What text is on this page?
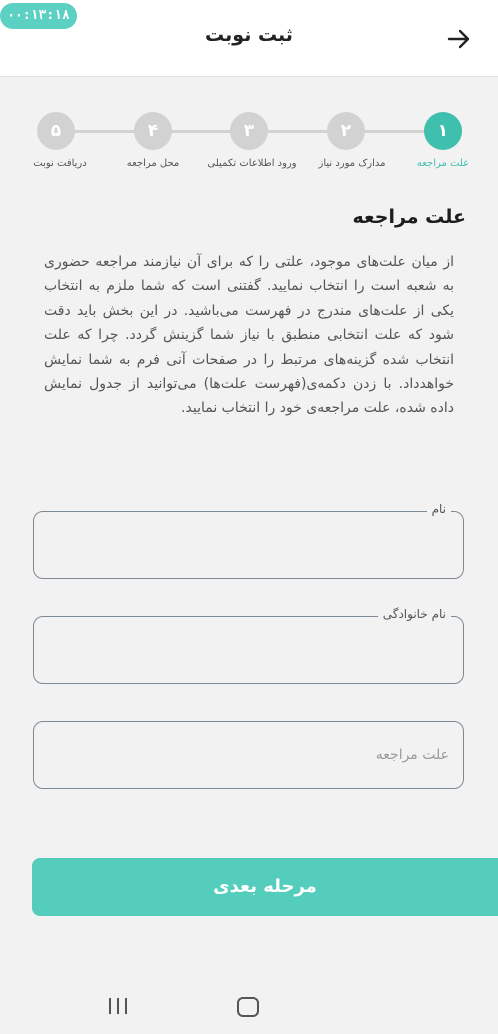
۰۰:۱۳:۱۸
ثبت نوبت
۱
۲
۳
۴
۵
علت مراجعه
مدارک مورد نیاز
ورود اطلاعات تکمیلی
محل مراجعه
دریافت نوبت
علت مراجعه
از میان علت‌های موجود، علتی را که برای آن نیازمند مراجعه حضوری به شعبه است را انتخاب نمایید. گفتنی است که شما ملزم به انتخاب یکی از علت‌های مندرج در فهرست می‌باشید. در این بخش باید دقت شود که علت انتخابی منطبق با نیاز شما گزینش گردد. چرا که علت انتخاب شده گزینه‌های مرتبط را در صفحات آنی فرم به شما نمایش خواهدداد. با زدن دکمه‌ی(فهرست علت‌ها) می‌توانید از جدول نمایش داده شده، علت مراجعه‌ی خود را انتخاب نمایید.
نام
نام خانوادگی
علت مراجعه
مرحله بعدی
